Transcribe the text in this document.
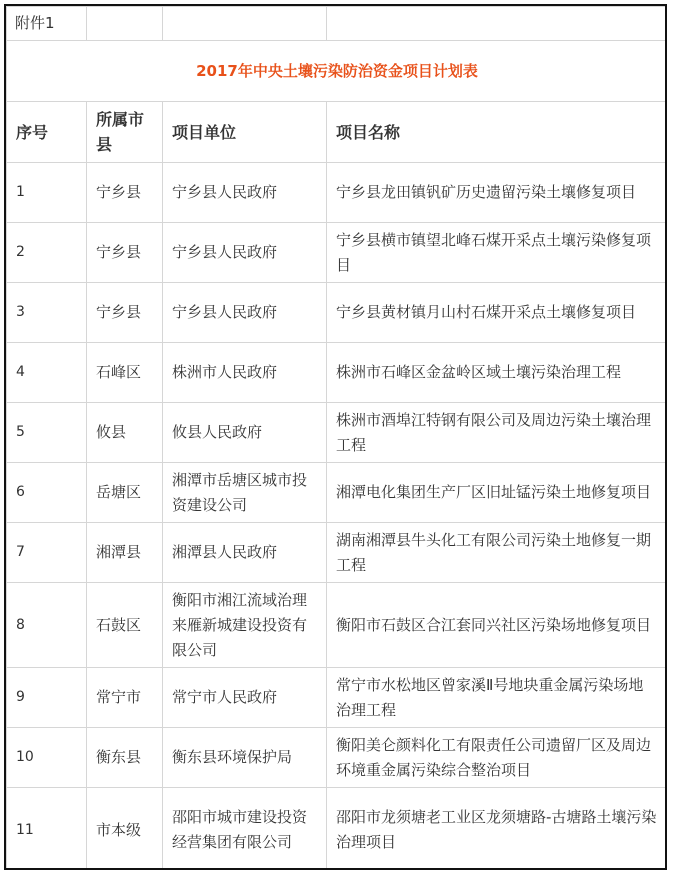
附件1			
2017年中央土壤污染防治资金项目计划表			
序号	所属市县	项目单位	项目名称
1	宁乡县	宁乡县人民政府	宁乡县龙田镇钒矿历史遗留污染土壤修复项目
2	宁乡县	宁乡县人民政府	宁乡县横市镇望北峰石煤开采点土壤污染修复项目
3	宁乡县	宁乡县人民政府	宁乡县黄材镇月山村石煤开采点土壤修复项目
4	石峰区	株洲市人民政府	株洲市石峰区金盆岭区域土壤污染治理工程
5	攸县	攸县人民政府	株洲市酒埠江特钢有限公司及周边污染土壤治理工程
6	岳塘区	湘潭市岳塘区城市投资建设公司	湘潭电化集团生产厂区旧址锰污染土地修复项目
7	湘潭县	湘潭县人民政府	湖南湘潭县牛头化工有限公司污染土地修复一期工程
8	石鼓区	衡阳市湘江流域治理来雁新城建设投资有限公司	衡阳市石鼓区合江套同兴社区污染场地修复项目
9	常宁市	常宁市人民政府	常宁市水松地区曾家溪Ⅱ号地块重金属污染场地治理工程
10	衡东县	衡东县环境保护局	衡阳美仑颜料化工有限责任公司遗留厂区及周边环境重金属污染综合整治项目
11	市本级	邵阳市城市建设投资经营集团有限公司	邵阳市龙须塘老工业区龙须塘路-古塘路土壤污染治理项目
